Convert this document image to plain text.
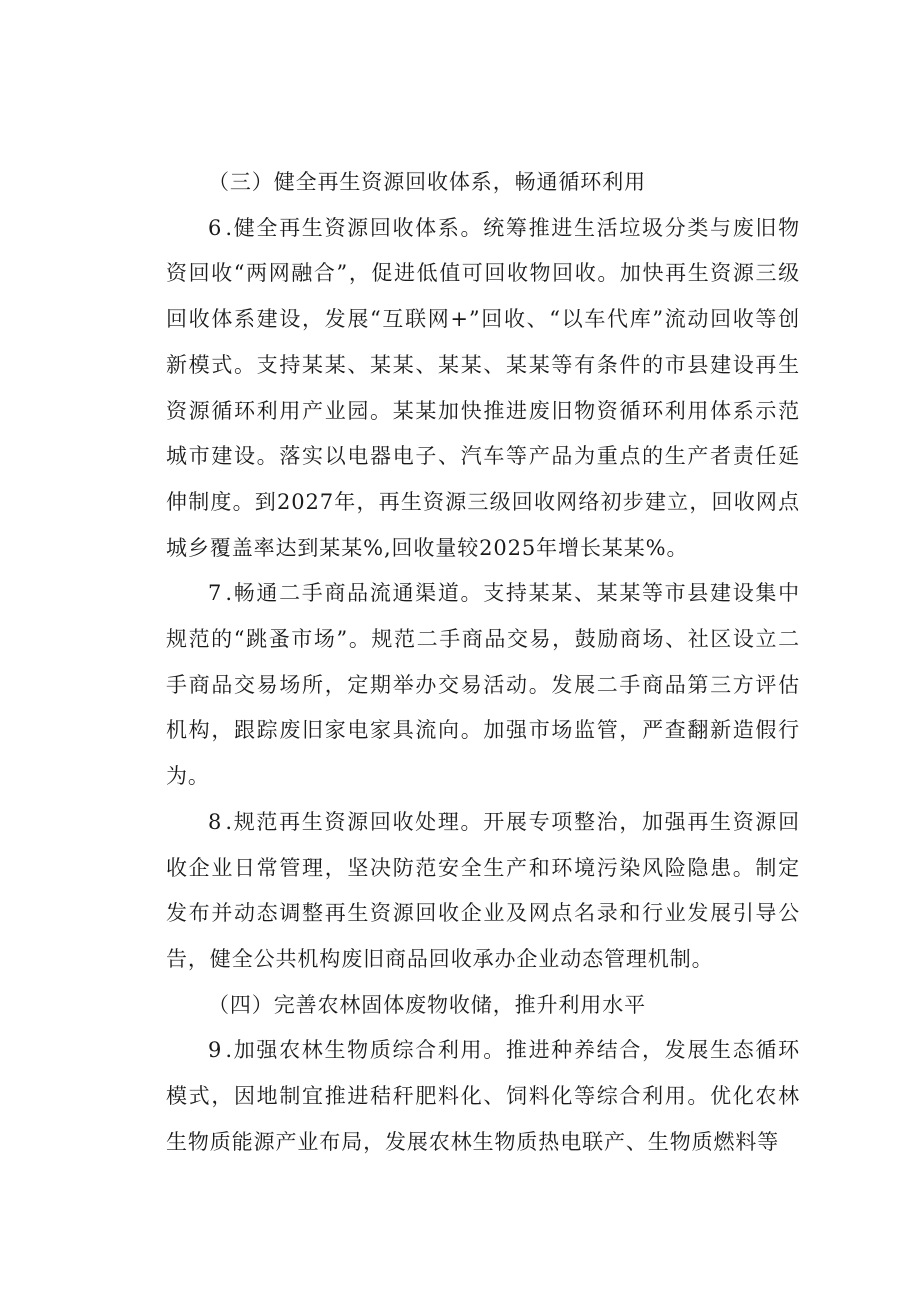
（三）健全再生资源回收体系，畅通循环利用

6.健全再生资源回收体系。统筹推进生活垃圾分类与废旧物资回收“两网融合”，促进低值可回收物回收。加快再生资源三级回收体系建设，发展“互联网+”回收、“以车代库”流动回收等创新模式。支持某某、某某、某某、某某等有条件的市县建设再生资源循环利用产业园。某某加快推进废旧物资循环利用体系示范城市建设。落实以电器电子、汽车等产品为重点的生产者责任延伸制度。到2027年，再生资源三级回收网络初步建立，回收网点城乡覆盖率达到某某%,回收量较2025年增长某某%。

7.畅通二手商品流通渠道。支持某某、某某等市县建设集中规范的“跳蚤市场”。规范二手商品交易，鼓励商场、社区设立二手商品交易场所，定期举办交易活动。发展二手商品第三方评估机构，跟踪废旧家电家具流向。加强市场监管，严查翻新造假行为。

8.规范再生资源回收处理。开展专项整治，加强再生资源回收企业日常管理，坚决防范安全生产和环境污染风险隐患。制定发布并动态调整再生资源回收企业及网点名录和行业发展引导公告，健全公共机构废旧商品回收承办企业动态管理机制。

（四）完善农林固体废物收储，推升利用水平

9.加强农林生物质综合利用。推进种养结合，发展生态循环模式，因地制宜推进秸秆肥料化、饲料化等综合利用。优化农林生物质能源产业布局，发展农林生物质热电联产、生物质燃料等
